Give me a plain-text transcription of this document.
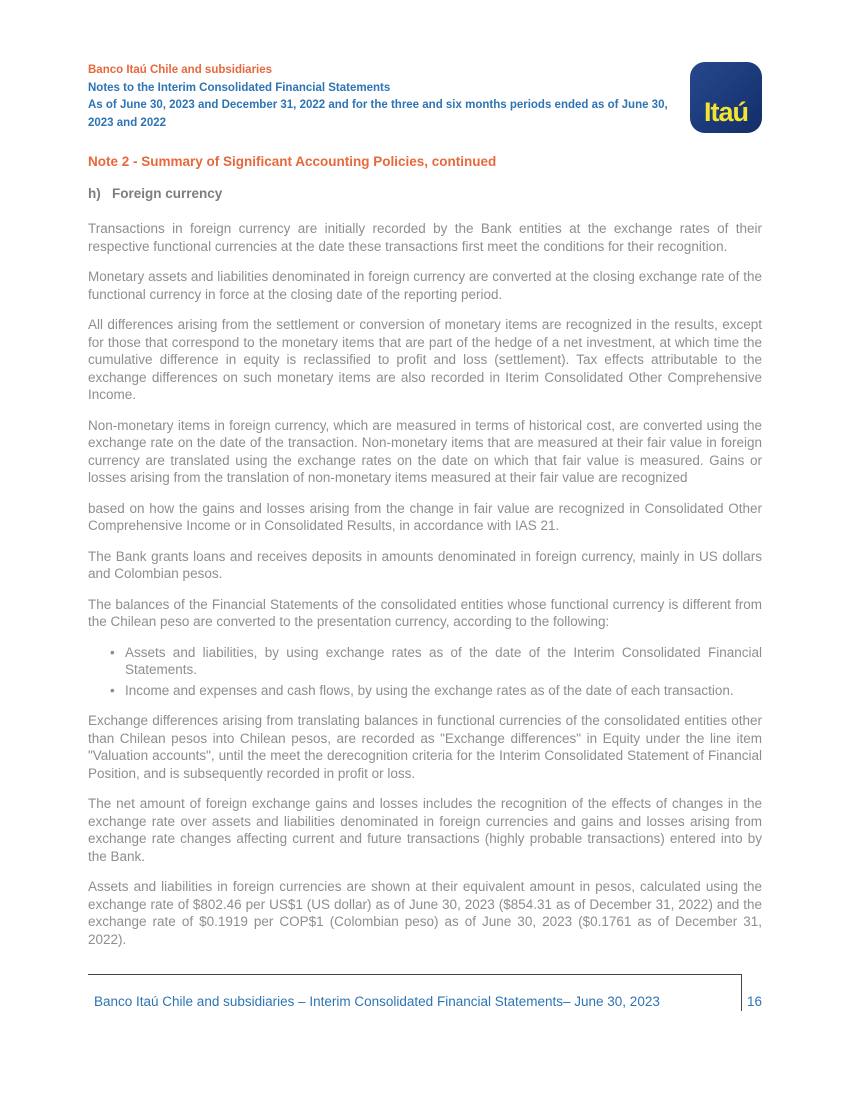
Banco Itaú Chile and subsidiaries
Notes to the Interim Consolidated Financial Statements
As of June 30, 2023 and December 31, 2022 and for the three and six months periods ended as of June 30, 2023 and 2022	Itaú
Note 2 - Summary of Significant Accounting Policies, continued
h) Foreign currency

Transactions in foreign currency are initially recorded by the Bank entities at the exchange rates of their respective functional currencies at the date these transactions first meet the conditions for their recognition.

Monetary assets and liabilities denominated in foreign currency are converted at the closing exchange rate of the functional currency in force at the closing date of the reporting period.

All differences arising from the settlement or conversion of monetary items are recognized in the results, except for those that correspond to the monetary items that are part of the hedge of a net investment, at which time the cumulative difference in equity is reclassified to profit and loss (settlement). Tax effects attributable to the exchange differences on such monetary items are also recorded in Iterim Consolidated Other Comprehensive Income.

Non-monetary items in foreign currency, which are measured in terms of historical cost, are converted using the exchange rate on the date of the transaction. Non-monetary items that are measured at their fair value in foreign currency are translated using the exchange rates on the date on which that fair value is measured. Gains or losses arising from the translation of non-monetary items measured at their fair value are recognized

based on how the gains and losses arising from the change in fair value are recognized in Consolidated Other Comprehensive Income or in Consolidated Results, in accordance with IAS 21.

The Bank grants loans and receives deposits in amounts denominated in foreign currency, mainly in US dollars and Colombian pesos.

The balances of the Financial Statements of the consolidated entities whose functional currency is different from the Chilean peso are converted to the presentation currency, according to the following:

• Assets and liabilities, by using exchange rates as of the date of the Interim Consolidated Financial Statements.
• Income and expenses and cash flows, by using the exchange rates as of the date of each transaction.

Exchange differences arising from translating balances in functional currencies of the consolidated entities other than Chilean pesos into Chilean pesos, are recorded as "Exchange differences" in Equity under the line item "Valuation accounts", until the meet the derecognition criteria for the Interim Consolidated Statement of Financial Position, and is subsequently recorded in profit or loss.

The net amount of foreign exchange gains and losses includes the recognition of the effects of changes in the exchange rate over assets and liabilities denominated in foreign currencies and gains and losses arising from exchange rate changes affecting current and future transactions (highly probable transactions) entered into by the Bank.

Assets and liabilities in foreign currencies are shown at their equivalent amount in pesos, calculated using the exchange rate of $802.46 per US$1 (US dollar) as of June 30, 2023 ($854.31 as of December 31, 2022) and the exchange rate of $0.1919 per COP$1 (Colombian peso) as of June 30, 2023 ($0.1761 as of December 31, 2022).

Banco Itaú Chile and subsidiaries – Interim Consolidated Financial Statements– June 30, 2023	16
